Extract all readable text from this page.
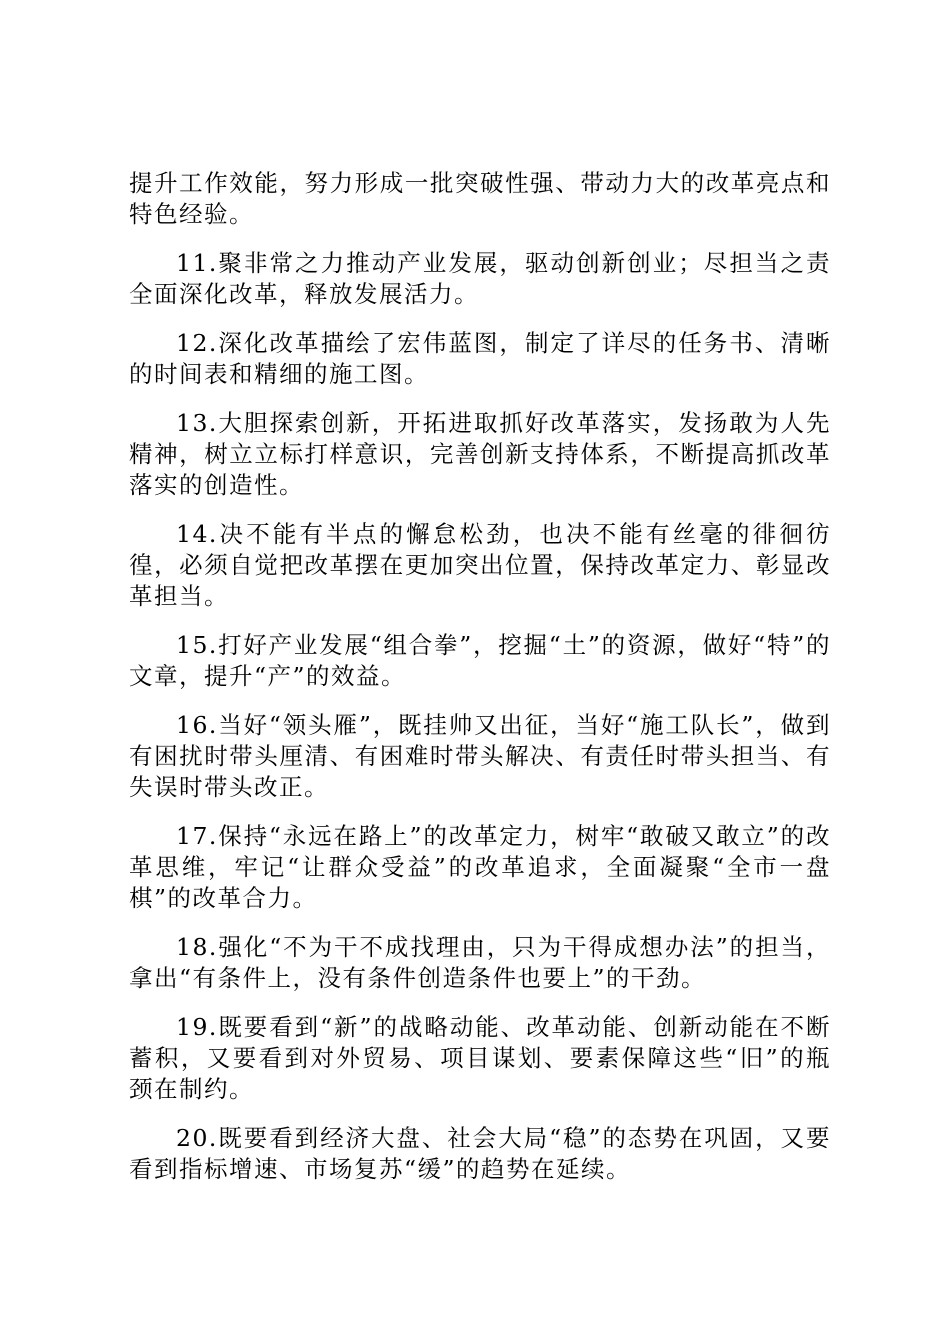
提升工作效能，努力形成一批突破性强、带动力大的改革亮点和特色经验。

11.聚非常之力推动产业发展，驱动创新创业；尽担当之责全面深化改革，释放发展活力。

12.深化改革描绘了宏伟蓝图，制定了详尽的任务书、清晰的时间表和精细的施工图。

13.大胆探索创新，开拓进取抓好改革落实，发扬敢为人先精神，树立立标打样意识，完善创新支持体系，不断提高抓改革落实的创造性。

14.决不能有半点的懈怠松劲，也决不能有丝毫的徘徊彷徨，必须自觉把改革摆在更加突出位置，保持改革定力、彰显改革担当。

15.打好产业发展“组合拳”，挖掘“土”的资源，做好“特”的文章，提升“产”的效益。

16.当好“领头雁”，既挂帅又出征，当好“施工队长”，做到有困扰时带头厘清、有困难时带头解决、有责任时带头担当、有失误时带头改正。

17.保持“永远在路上”的改革定力，树牢“敢破又敢立”的改革思维，牢记“让群众受益”的改革追求，全面凝聚“全市一盘棋”的改革合力。

18.强化“不为干不成找理由，只为干得成想办法”的担当，拿出“有条件上，没有条件创造条件也要上”的干劲。

19.既要看到“新”的战略动能、改革动能、创新动能在不断蓄积，又要看到对外贸易、项目谋划、要素保障这些“旧”的瓶颈在制约。

20.既要看到经济大盘、社会大局“稳”的态势在巩固，又要看到指标增速、市场复苏“缓”的趋势在延续。
